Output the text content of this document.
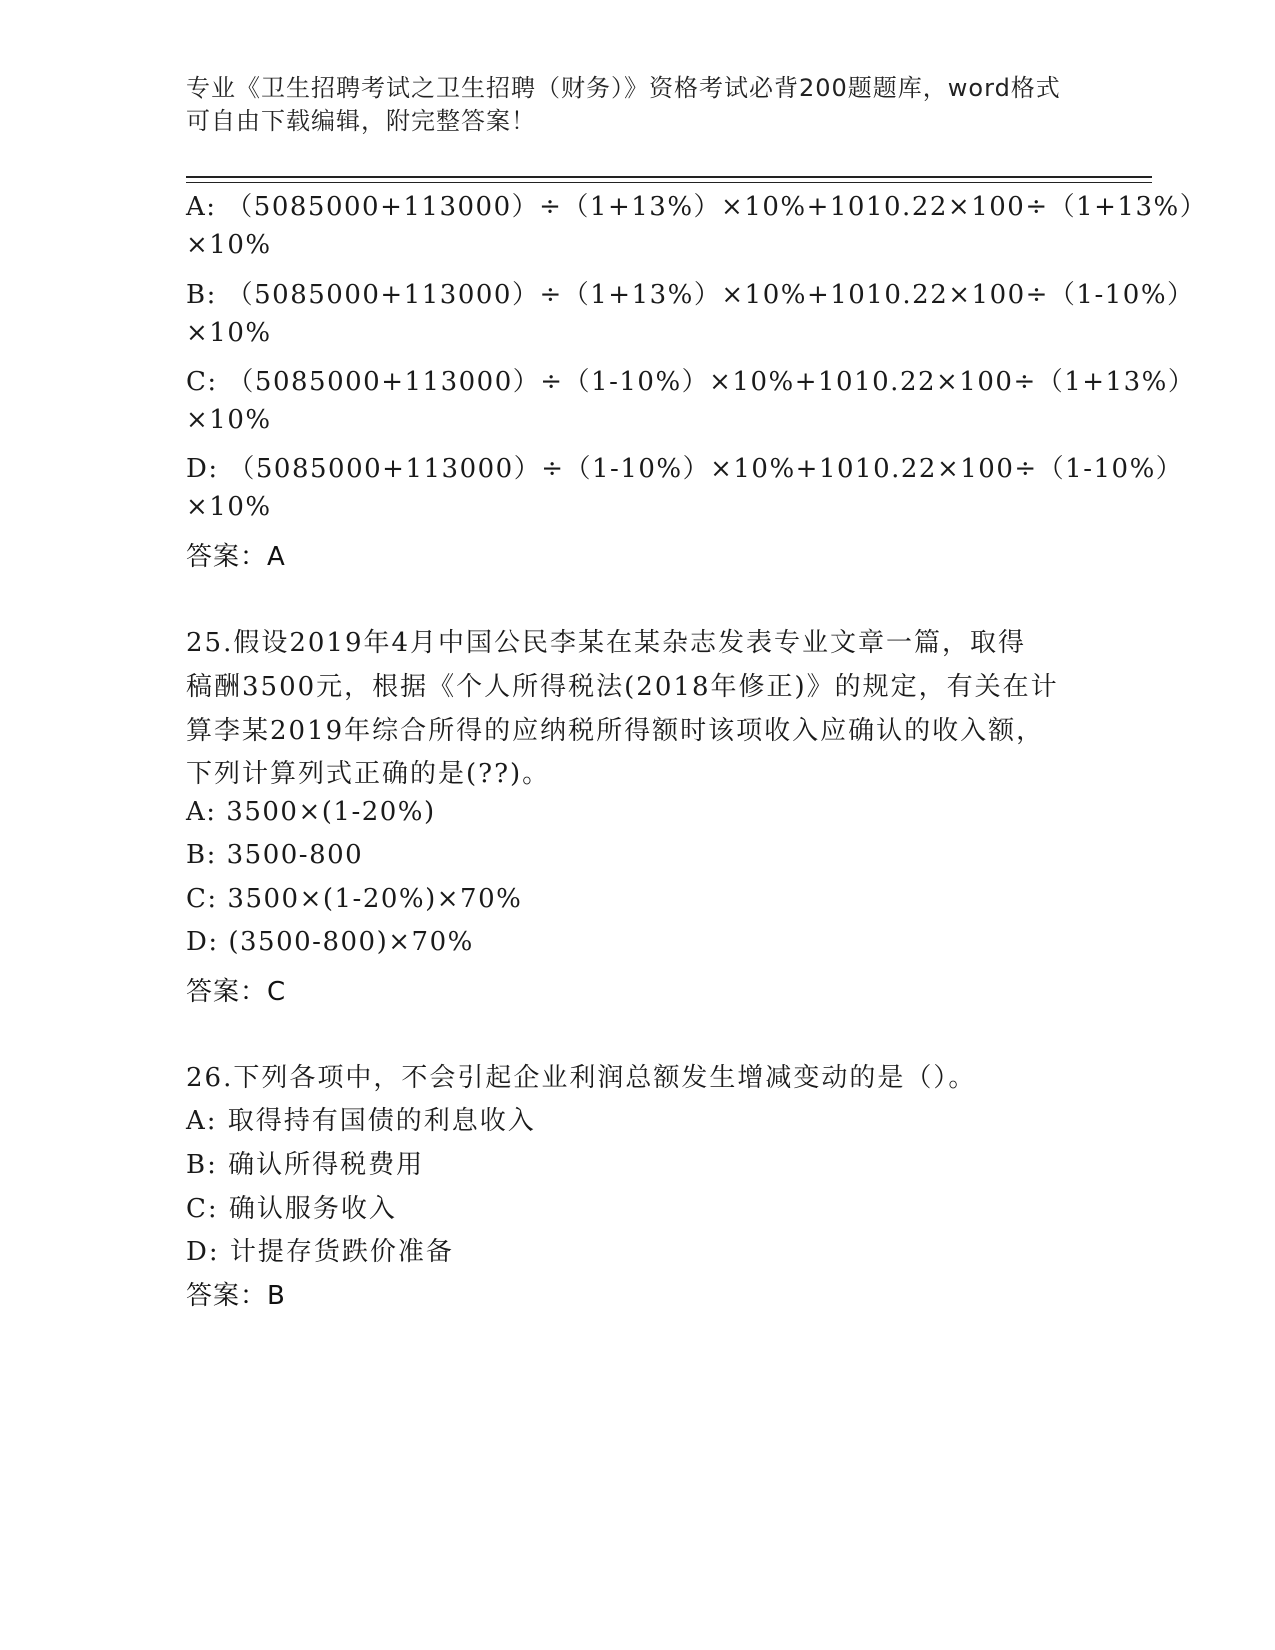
专业《卫生招聘考试之卫生招聘（财务）》资格考试必背200题题库，word格式
可自由下载编辑，附完整答案！
A: （5085000+113000）÷（1+13%）×10%+1010.22×100÷（1+13%）
×10%
B: （5085000+113000）÷（1+13%）×10%+1010.22×100÷（1-10%）
×10%
C: （5085000+113000）÷（1-10%）×10%+1010.22×100÷（1+13%）
×10%
D: （5085000+113000）÷（1-10%）×10%+1010.22×100÷（1-10%）
×10%
答案：A
25.假设2019年4月中国公民李某在某杂志发表专业文章一篇，取得
稿酬3500元，根据《个人所得税法(2018年修正)》的规定，有关在计
算李某2019年综合所得的应纳税所得额时该项收入应确认的收入额，
下列计算列式正确的是(??)。
A: 3500×(1-20%)
B: 3500-800
C: 3500×(1-20%)×70%
D: (3500-800)×70%
答案：C
26.下列各项中，不会引起企业利润总额发生增减变动的是（）。
A: 取得持有国债的利息收入
B: 确认所得税费用
C: 确认服务收入
D: 计提存货跌价准备
答案：B
